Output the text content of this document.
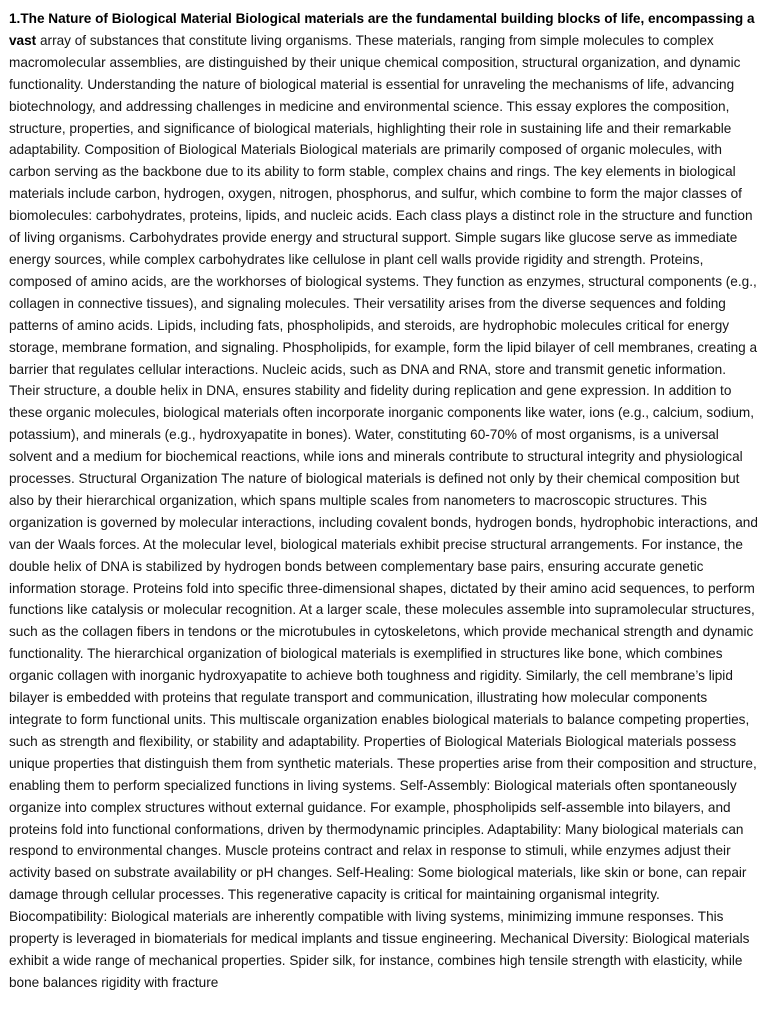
1.The Nature of Biological Material Biological materials are the fundamental building blocks of life, encompassing a vast array of substances that constitute living organisms. These materials, ranging from simple molecules to complex macromolecular assemblies, are distinguished by their unique chemical composition, structural organization, and dynamic functionality. Understanding the nature of biological material is essential for unraveling the mechanisms of life, advancing biotechnology, and addressing challenges in medicine and environmental science. This essay explores the composition, structure, properties, and significance of biological materials, highlighting their role in sustaining life and their remarkable adaptability. Composition of Biological Materials Biological materials are primarily composed of organic molecules, with carbon serving as the backbone due to its ability to form stable, complex chains and rings. The key elements in biological materials include carbon, hydrogen, oxygen, nitrogen, phosphorus, and sulfur, which combine to form the major classes of biomolecules: carbohydrates, proteins, lipids, and nucleic acids. Each class plays a distinct role in the structure and function of living organisms. Carbohydrates provide energy and structural support. Simple sugars like glucose serve as immediate energy sources, while complex carbohydrates like cellulose in plant cell walls provide rigidity and strength. Proteins, composed of amino acids, are the workhorses of biological systems. They function as enzymes, structural components (e.g., collagen in connective tissues), and signaling molecules. Their versatility arises from the diverse sequences and folding patterns of amino acids. Lipids, including fats, phospholipids, and steroids, are hydrophobic molecules critical for energy storage, membrane formation, and signaling. Phospholipids, for example, form the lipid bilayer of cell membranes, creating a barrier that regulates cellular interactions. Nucleic acids, such as DNA and RNA, store and transmit genetic information. Their structure, a double helix in DNA, ensures stability and fidelity during replication and gene expression. In addition to these organic molecules, biological materials often incorporate inorganic components like water, ions (e.g., calcium, sodium, potassium), and minerals (e.g., hydroxyapatite in bones). Water, constituting 60-70% of most organisms, is a universal solvent and a medium for biochemical reactions, while ions and minerals contribute to structural integrity and physiological processes. Structural Organization The nature of biological materials is defined not only by their chemical composition but also by their hierarchical organization, which spans multiple scales from nanometers to macroscopic structures. This organization is governed by molecular interactions, including covalent bonds, hydrogen bonds, hydrophobic interactions, and van der Waals forces. At the molecular level, biological materials exhibit precise structural arrangements. For instance, the double helix of DNA is stabilized by hydrogen bonds between complementary base pairs, ensuring accurate genetic information storage. Proteins fold into specific three-dimensional shapes, dictated by their amino acid sequences, to perform functions like catalysis or molecular recognition. At a larger scale, these molecules assemble into supramolecular structures, such as the collagen fibers in tendons or the microtubules in cytoskeletons, which provide mechanical strength and dynamic functionality. The hierarchical organization of biological materials is exemplified in structures like bone, which combines organic collagen with inorganic hydroxyapatite to achieve both toughness and rigidity. Similarly, the cell membrane’s lipid bilayer is embedded with proteins that regulate transport and communication, illustrating how molecular components integrate to form functional units. This multiscale organization enables biological materials to balance competing properties, such as strength and flexibility, or stability and adaptability. Properties of Biological Materials Biological materials possess unique properties that distinguish them from synthetic materials. These properties arise from their composition and structure, enabling them to perform specialized functions in living systems. Self-Assembly: Biological materials often spontaneously organize into complex structures without external guidance. For example, phospholipids self-assemble into bilayers, and proteins fold into functional conformations, driven by thermodynamic principles. Adaptability: Many biological materials can respond to environmental changes. Muscle proteins contract and relax in response to stimuli, while enzymes adjust their activity based on substrate availability or pH changes. Self-Healing: Some biological materials, like skin or bone, can repair damage through cellular processes. This regenerative capacity is critical for maintaining organismal integrity. Biocompatibility: Biological materials are inherently compatible with living systems, minimizing immune responses. This property is leveraged in biomaterials for medical implants and tissue engineering. Mechanical Diversity: Biological materials exhibit a wide range of mechanical properties. Spider silk, for instance, combines high tensile strength with elasticity, while bone balances rigidity with fracture
